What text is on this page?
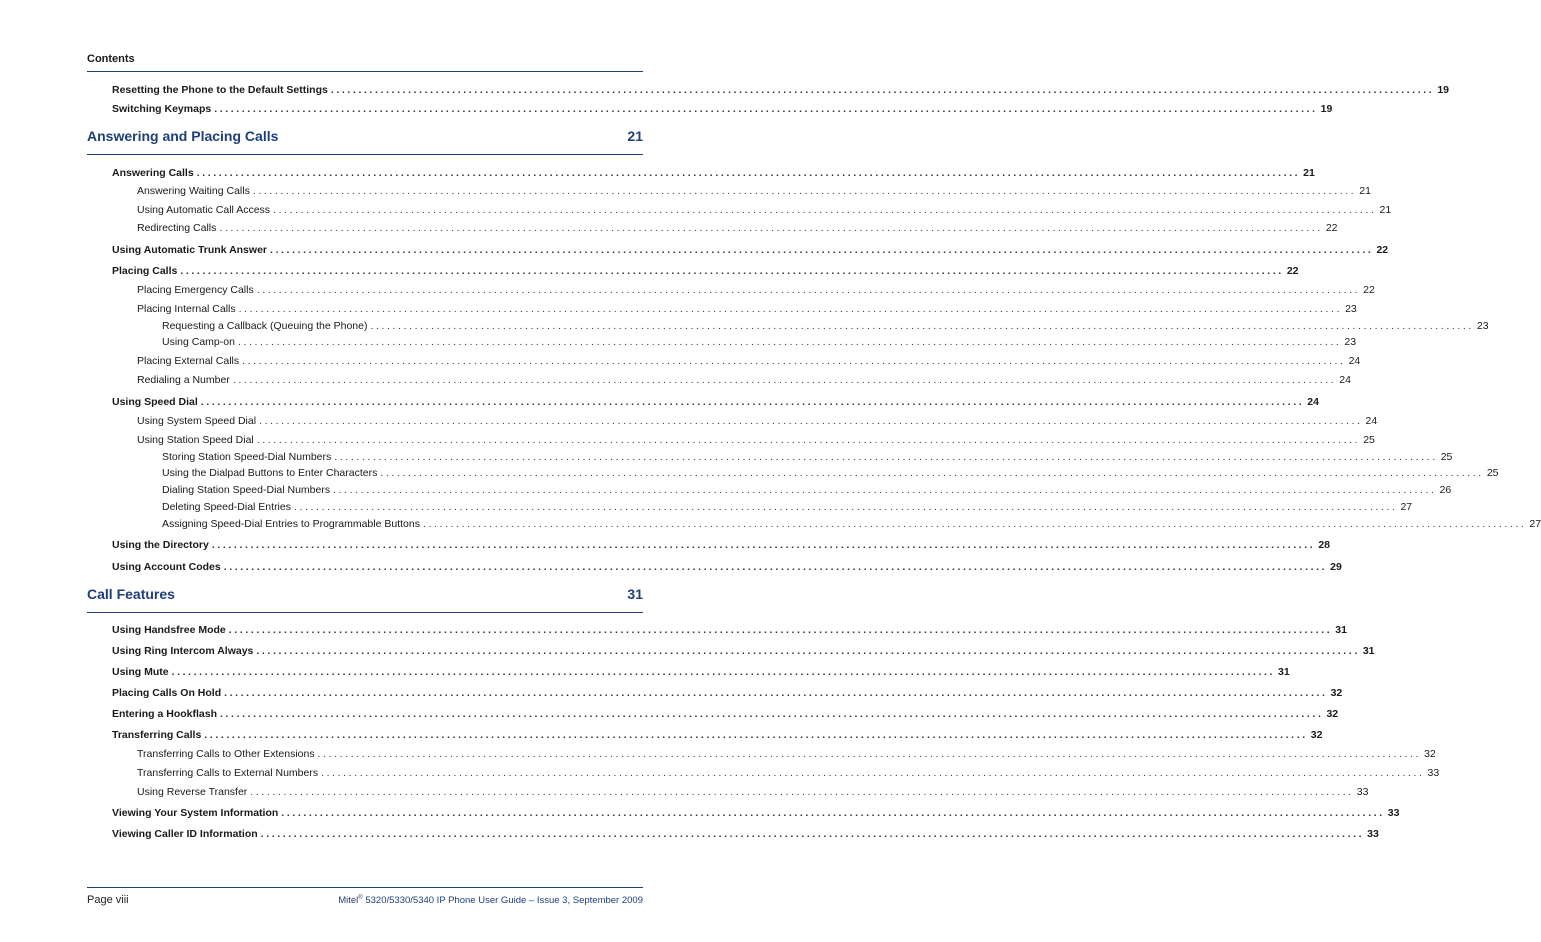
Contents
Resetting the Phone to the Default Settings ........................................................................................................................................................................................................ 19
Switching Keymaps ........................................................................................................................................................................................................ 19
Answering and Placing Calls	21
Answering Calls ........................................................................................................................................................................................................ 21
Answering Waiting Calls ........................................................................................................................................................................................................ 21
Using Automatic Call Access ........................................................................................................................................................................................................ 21
Redirecting Calls ........................................................................................................................................................................................................ 22
Using Automatic Trunk Answer ........................................................................................................................................................................................................ 22
Placing Calls ........................................................................................................................................................................................................ 22
Placing Emergency Calls ........................................................................................................................................................................................................ 22
Placing Internal Calls ........................................................................................................................................................................................................ 23
Requesting a Callback (Queuing the Phone) ........................................................................................................................................................................................................ 23
Using Camp-on ........................................................................................................................................................................................................ 23
Placing External Calls ........................................................................................................................................................................................................ 24
Redialing a Number ........................................................................................................................................................................................................ 24
Using Speed Dial ........................................................................................................................................................................................................ 24
Using System Speed Dial ........................................................................................................................................................................................................ 24
Using Station Speed Dial ........................................................................................................................................................................................................ 25
Storing Station Speed-Dial Numbers ........................................................................................................................................................................................................ 25
Using the Dialpad Buttons to Enter Characters ........................................................................................................................................................................................................ 25
Dialing Station Speed-Dial Numbers ........................................................................................................................................................................................................ 26
Deleting Speed-Dial Entries ........................................................................................................................................................................................................ 27
Assigning Speed-Dial Entries to Programmable Buttons ........................................................................................................................................................................................................ 27
Using the Directory ........................................................................................................................................................................................................ 28
Using Account Codes ........................................................................................................................................................................................................ 29
Call Features	31
Using Handsfree Mode ........................................................................................................................................................................................................ 31
Using Ring Intercom Always ........................................................................................................................................................................................................ 31
Using Mute ........................................................................................................................................................................................................ 31
Placing Calls On Hold ........................................................................................................................................................................................................ 32
Entering a Hookflash ........................................................................................................................................................................................................ 32
Transferring Calls ........................................................................................................................................................................................................ 32
Transferring Calls to Other Extensions ........................................................................................................................................................................................................ 32
Transferring Calls to External Numbers ........................................................................................................................................................................................................ 33
Using Reverse Transfer ........................................................................................................................................................................................................ 33
Viewing Your System Information ........................................................................................................................................................................................................ 33
Viewing Caller ID Information ........................................................................................................................................................................................................ 33
Page viii	Mitel® 5320/5330/5340 IP Phone User Guide – Issue 3, September 2009
